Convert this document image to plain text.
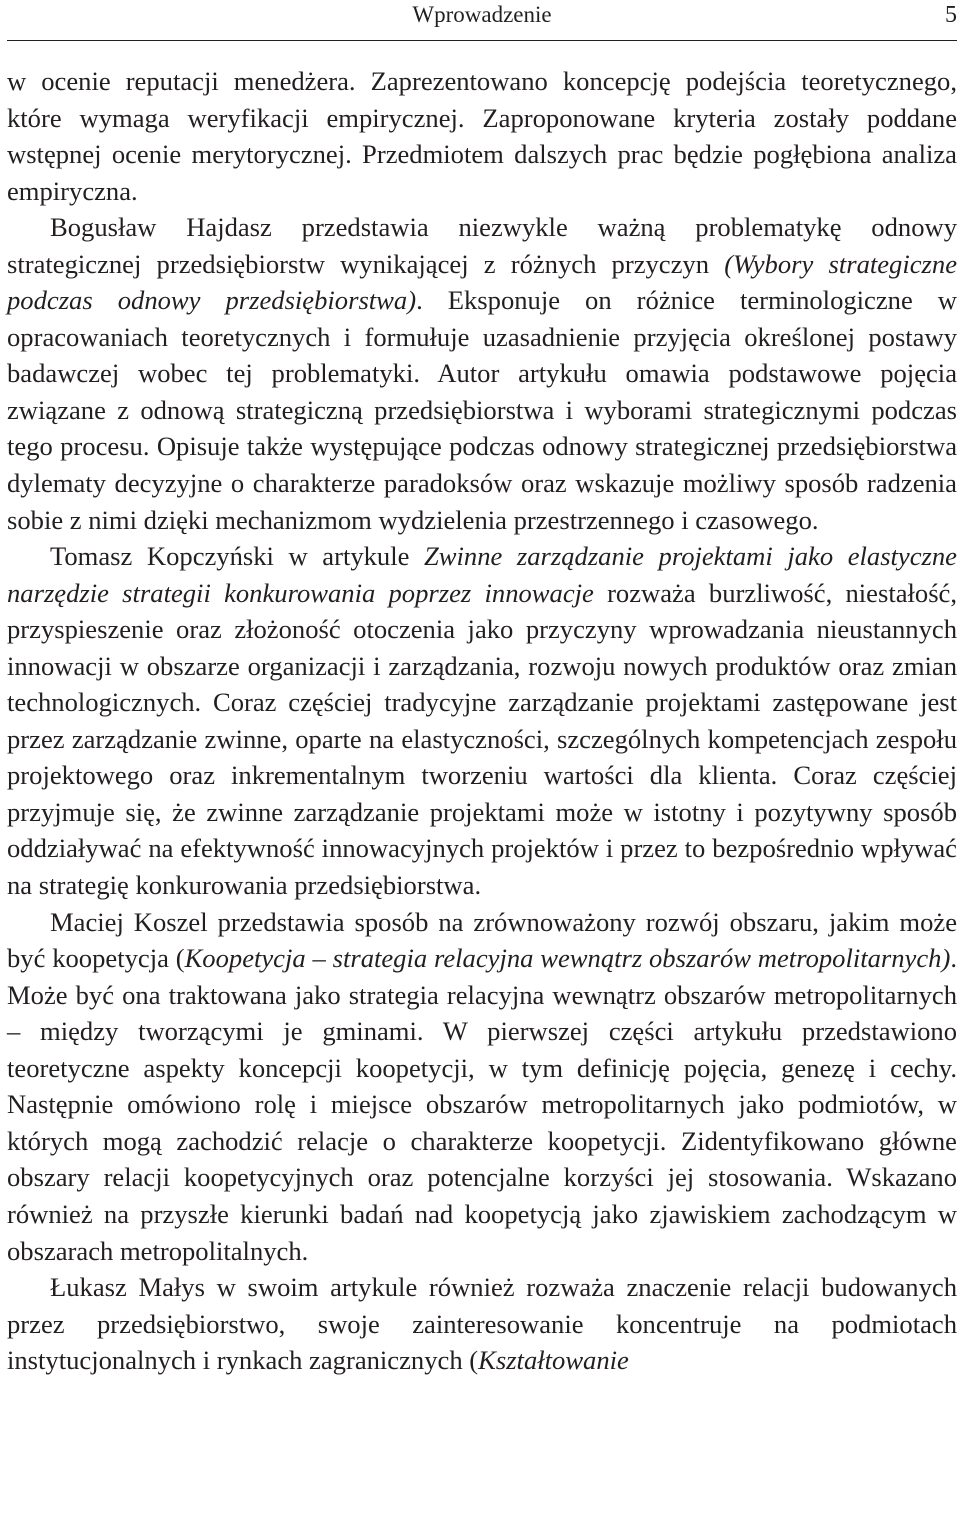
Wprowadzenie	5

w ocenie reputacji menedżera. Zaprezentowano koncepcję podejścia teoretycznego, które wymaga weryfikacji empirycznej. Zaproponowane kryteria zostały poddane wstępnej ocenie merytorycznej. Przedmiotem dalszych prac będzie pogłębiona analiza empiryczna.

Bogusław Hajdasz przedstawia niezwykle ważną problematykę odnowy strategicznej przedsiębiorstw wynikającej z różnych przyczyn (Wybory strategiczne podczas odnowy przedsiębiorstwa). Eksponuje on różnice terminologiczne w opracowaniach teoretycznych i formułuje uzasadnienie przyjęcia określonej postawy badawczej wobec tej problematyki. Autor artykułu omawia podstawowe pojęcia związane z odnową strategiczną przedsiębiorstwa i wyborami strategicznymi podczas tego procesu. Opisuje także występujące podczas odnowy strategicznej przedsiębiorstwa dylematy decyzyjne o charakterze paradoksów oraz wskazuje możliwy sposób radzenia sobie z nimi dzięki mechanizmom wydzielenia przestrzennego i czasowego.

Tomasz Kopczyński w artykule Zwinne zarządzanie projektami jako elastyczne narzędzie strategii konkurowania poprzez innowacje rozważa burzliwość, niestałość, przyspieszenie oraz złożoność otoczenia jako przyczyny wprowadzania nieustannych innowacji w obszarze organizacji i zarządzania, rozwoju nowych produktów oraz zmian technologicznych. Coraz częściej tradycyjne zarządzanie projektami zastępowane jest przez zarządzanie zwinne, oparte na elastyczności, szczególnych kompetencjach zespołu projektowego oraz inkrementalnym tworzeniu wartości dla klienta. Coraz częściej przyjmuje się, że zwinne zarządzanie projektami może w istotny i pozytywny sposób oddziaływać na efektywność innowacyjnych projektów i przez to bezpośrednio wpływać na strategię konkurowania przedsiębiorstwa.

Maciej Koszel przedstawia sposób na zrównoważony rozwój obszaru, jakim może być koopetycja (Koopetycja – strategia relacyjna wewnątrz obszarów metropolitarnych). Może być ona traktowana jako strategia relacyjna wewnątrz obszarów metropolitarnych – między tworzącymi je gminami. W pierwszej części artykułu przedstawiono teoretyczne aspekty koncepcji koopetycji, w tym definicję pojęcia, genezę i cechy. Następnie omówiono rolę i miejsce obszarów metropolitarnych jako podmiotów, w których mogą zachodzić relacje o charakterze koopetycji. Zidentyfikowano główne obszary relacji koopetycyjnych oraz potencjalne korzyści jej stosowania. Wskazano również na przyszłe kierunki badań nad koopetycją jako zjawiskiem zachodzącym w obszarach metropolitalnych.

Łukasz Małys w swoim artykule również rozważa znaczenie relacji budowanych przez przedsiębiorstwo, swoje zainteresowanie koncentruje na podmiotach instytucjonalnych i rynkach zagranicznych (Kształtowanie
